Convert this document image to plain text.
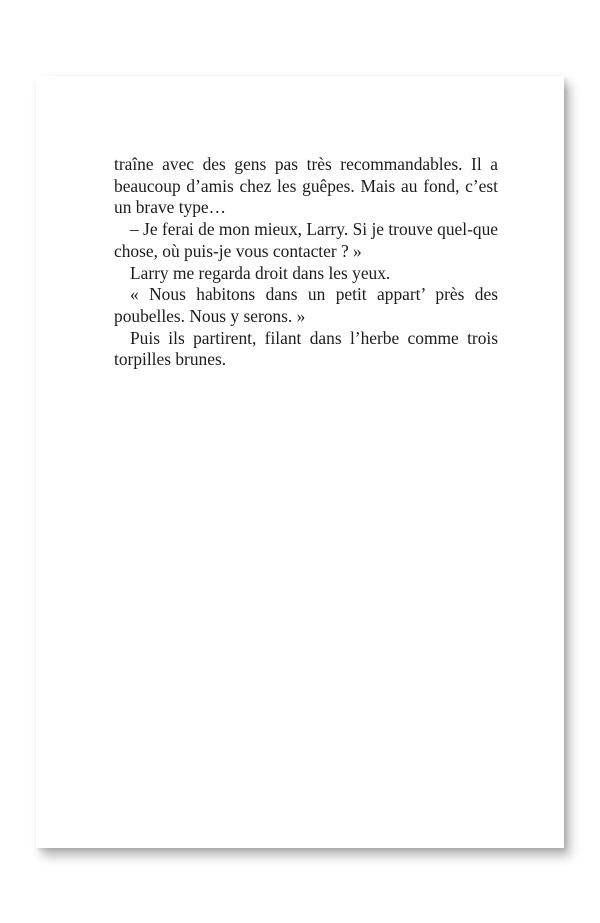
traîne avec des gens pas très recommandables. Il a beaucoup d’amis chez les guêpes. Mais au fond, c’est un brave type…

– Je ferai de mon mieux, Larry. Si je trouve quel-que chose, où puis-je vous contacter ? »

Larry me regarda droit dans les yeux.

« Nous habitons dans un petit appart’ près des poubelles. Nous y serons. »

Puis ils partirent, filant dans l’herbe comme trois torpilles brunes.
